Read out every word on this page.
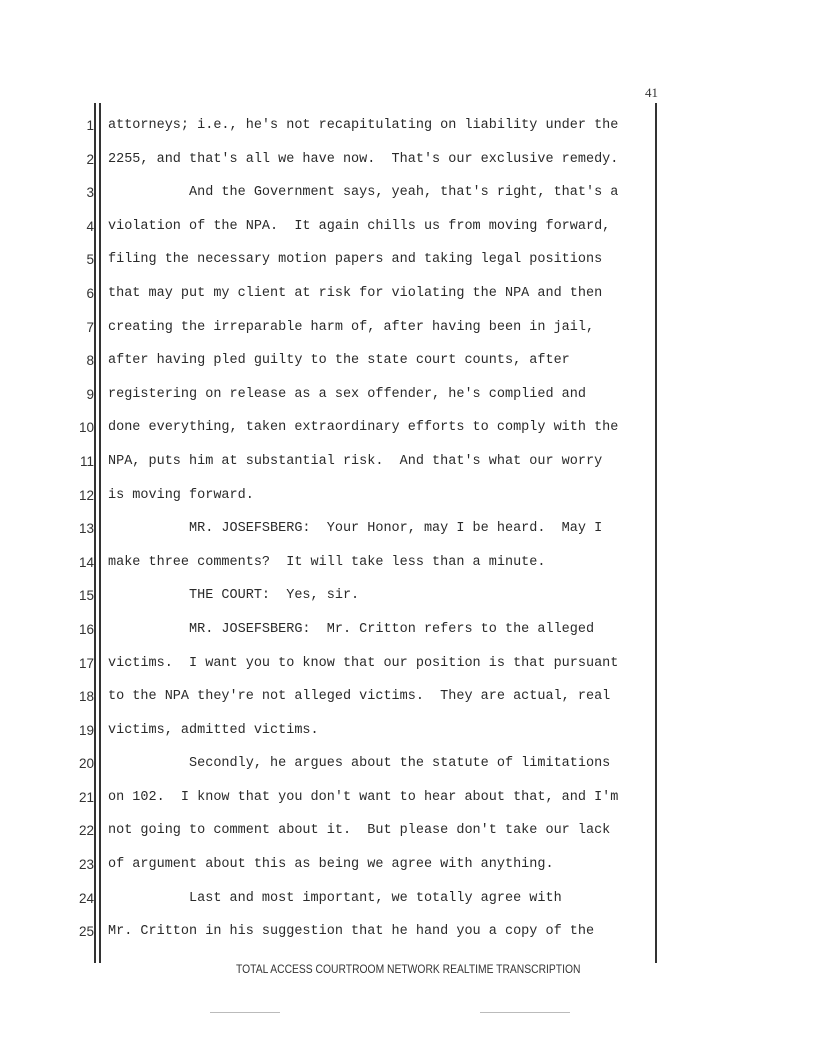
41
1
2
3
4
5
6
7
8
9
10
11
12
13
14
15
16
17
18
19
20
21
22
23
24
25
attorneys; i.e., he's not recapitulating on liability under the
2255, and that's all we have now.  That's our exclusive remedy.
And the Government says, yeah, that's right, that's a
violation of the NPA.  It again chills us from moving forward,
filing the necessary motion papers and taking legal positions
that may put my client at risk for violating the NPA and then
creating the irreparable harm of, after having been in jail,
after having pled guilty to the state court counts, after
registering on release as a sex offender, he's complied and
done everything, taken extraordinary efforts to comply with the
NPA, puts him at substantial risk.  And that's what our worry
is moving forward.
MR. JOSEFSBERG:  Your Honor, may I be heard.  May I
make three comments?  It will take less than a minute.
THE COURT:  Yes, sir.
MR. JOSEFSBERG:  Mr. Critton refers to the alleged
victims.  I want you to know that our position is that pursuant
to the NPA they're not alleged victims.  They are actual, real
victims, admitted victims.
Secondly, he argues about the statute of limitations
on 102.  I know that you don't want to hear about that, and I'm
not going to comment about it.  But please don't take our lack
of argument about this as being we agree with anything.
Last and most important, we totally agree with
Mr. Critton in his suggestion that he hand you a copy of the
TOTAL ACCESS COURTROOM NETWORK REALTIME TRANSCRIPTION
